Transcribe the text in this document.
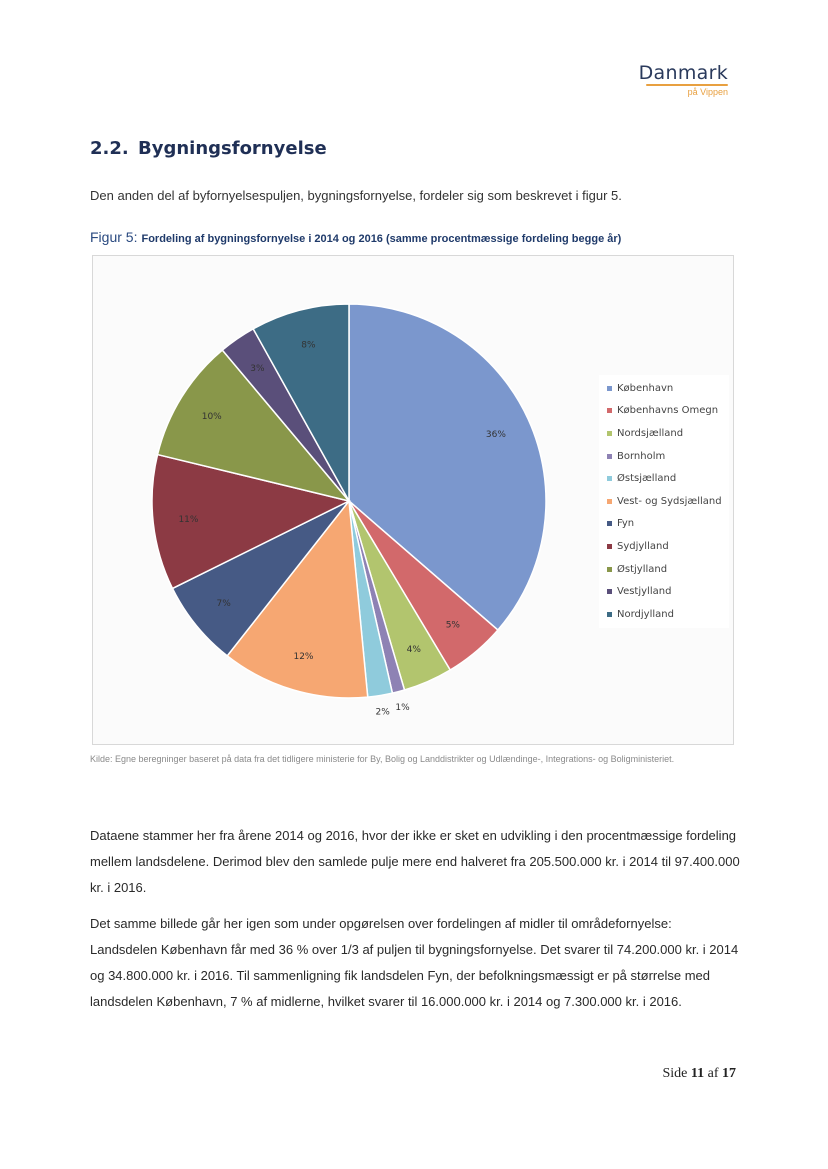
Danmark
på Vippen
2.2. Bygningsfornyelse
Den anden del af byfornyelsespuljen, bygningsfornyelse, fordeler sig som beskrevet i figur 5.
Figur 5: Fordeling af bygningsfornyelse i 2014 og 2016 (samme procentmæssige fordeling begge år)
36%
5%
4%
1%
2%
12%
7%
11%
10%
3%
8%
København
Københavns Omegn
Nordsjælland
Bornholm
Østsjælland
Vest- og Sydsjælland
Fyn
Sydjylland
Østjylland
Vestjylland
Nordjylland
Kilde: Egne beregninger baseret på data fra det tidligere ministerie for By, Bolig og Landdistrikter og Udlændinge-, Integrations- og Boligministeriet.
Dataene stammer her fra årene 2014 og 2016, hvor der ikke er sket en udvikling i den procentmæssige fordeling mellem landsdelene. Derimod blev den samlede pulje mere end halveret fra 205.500.000 kr. i 2014 til 97.400.000 kr. i 2016.
Det samme billede går her igen som under opgørelsen over fordelingen af midler til områdefornyelse: Landsdelen København får med 36 % over 1/3 af puljen til bygningsfornyelse. Det svarer til 74.200.000 kr. i 2014 og 34.800.000 kr. i 2016. Til sammenligning fik landsdelen Fyn, der befolkningsmæssigt er på størrelse med landsdelen København, 7 % af midlerne, hvilket svarer til 16.000.000 kr. i 2014 og 7.300.000 kr. i 2016.
Side 11 af 17
